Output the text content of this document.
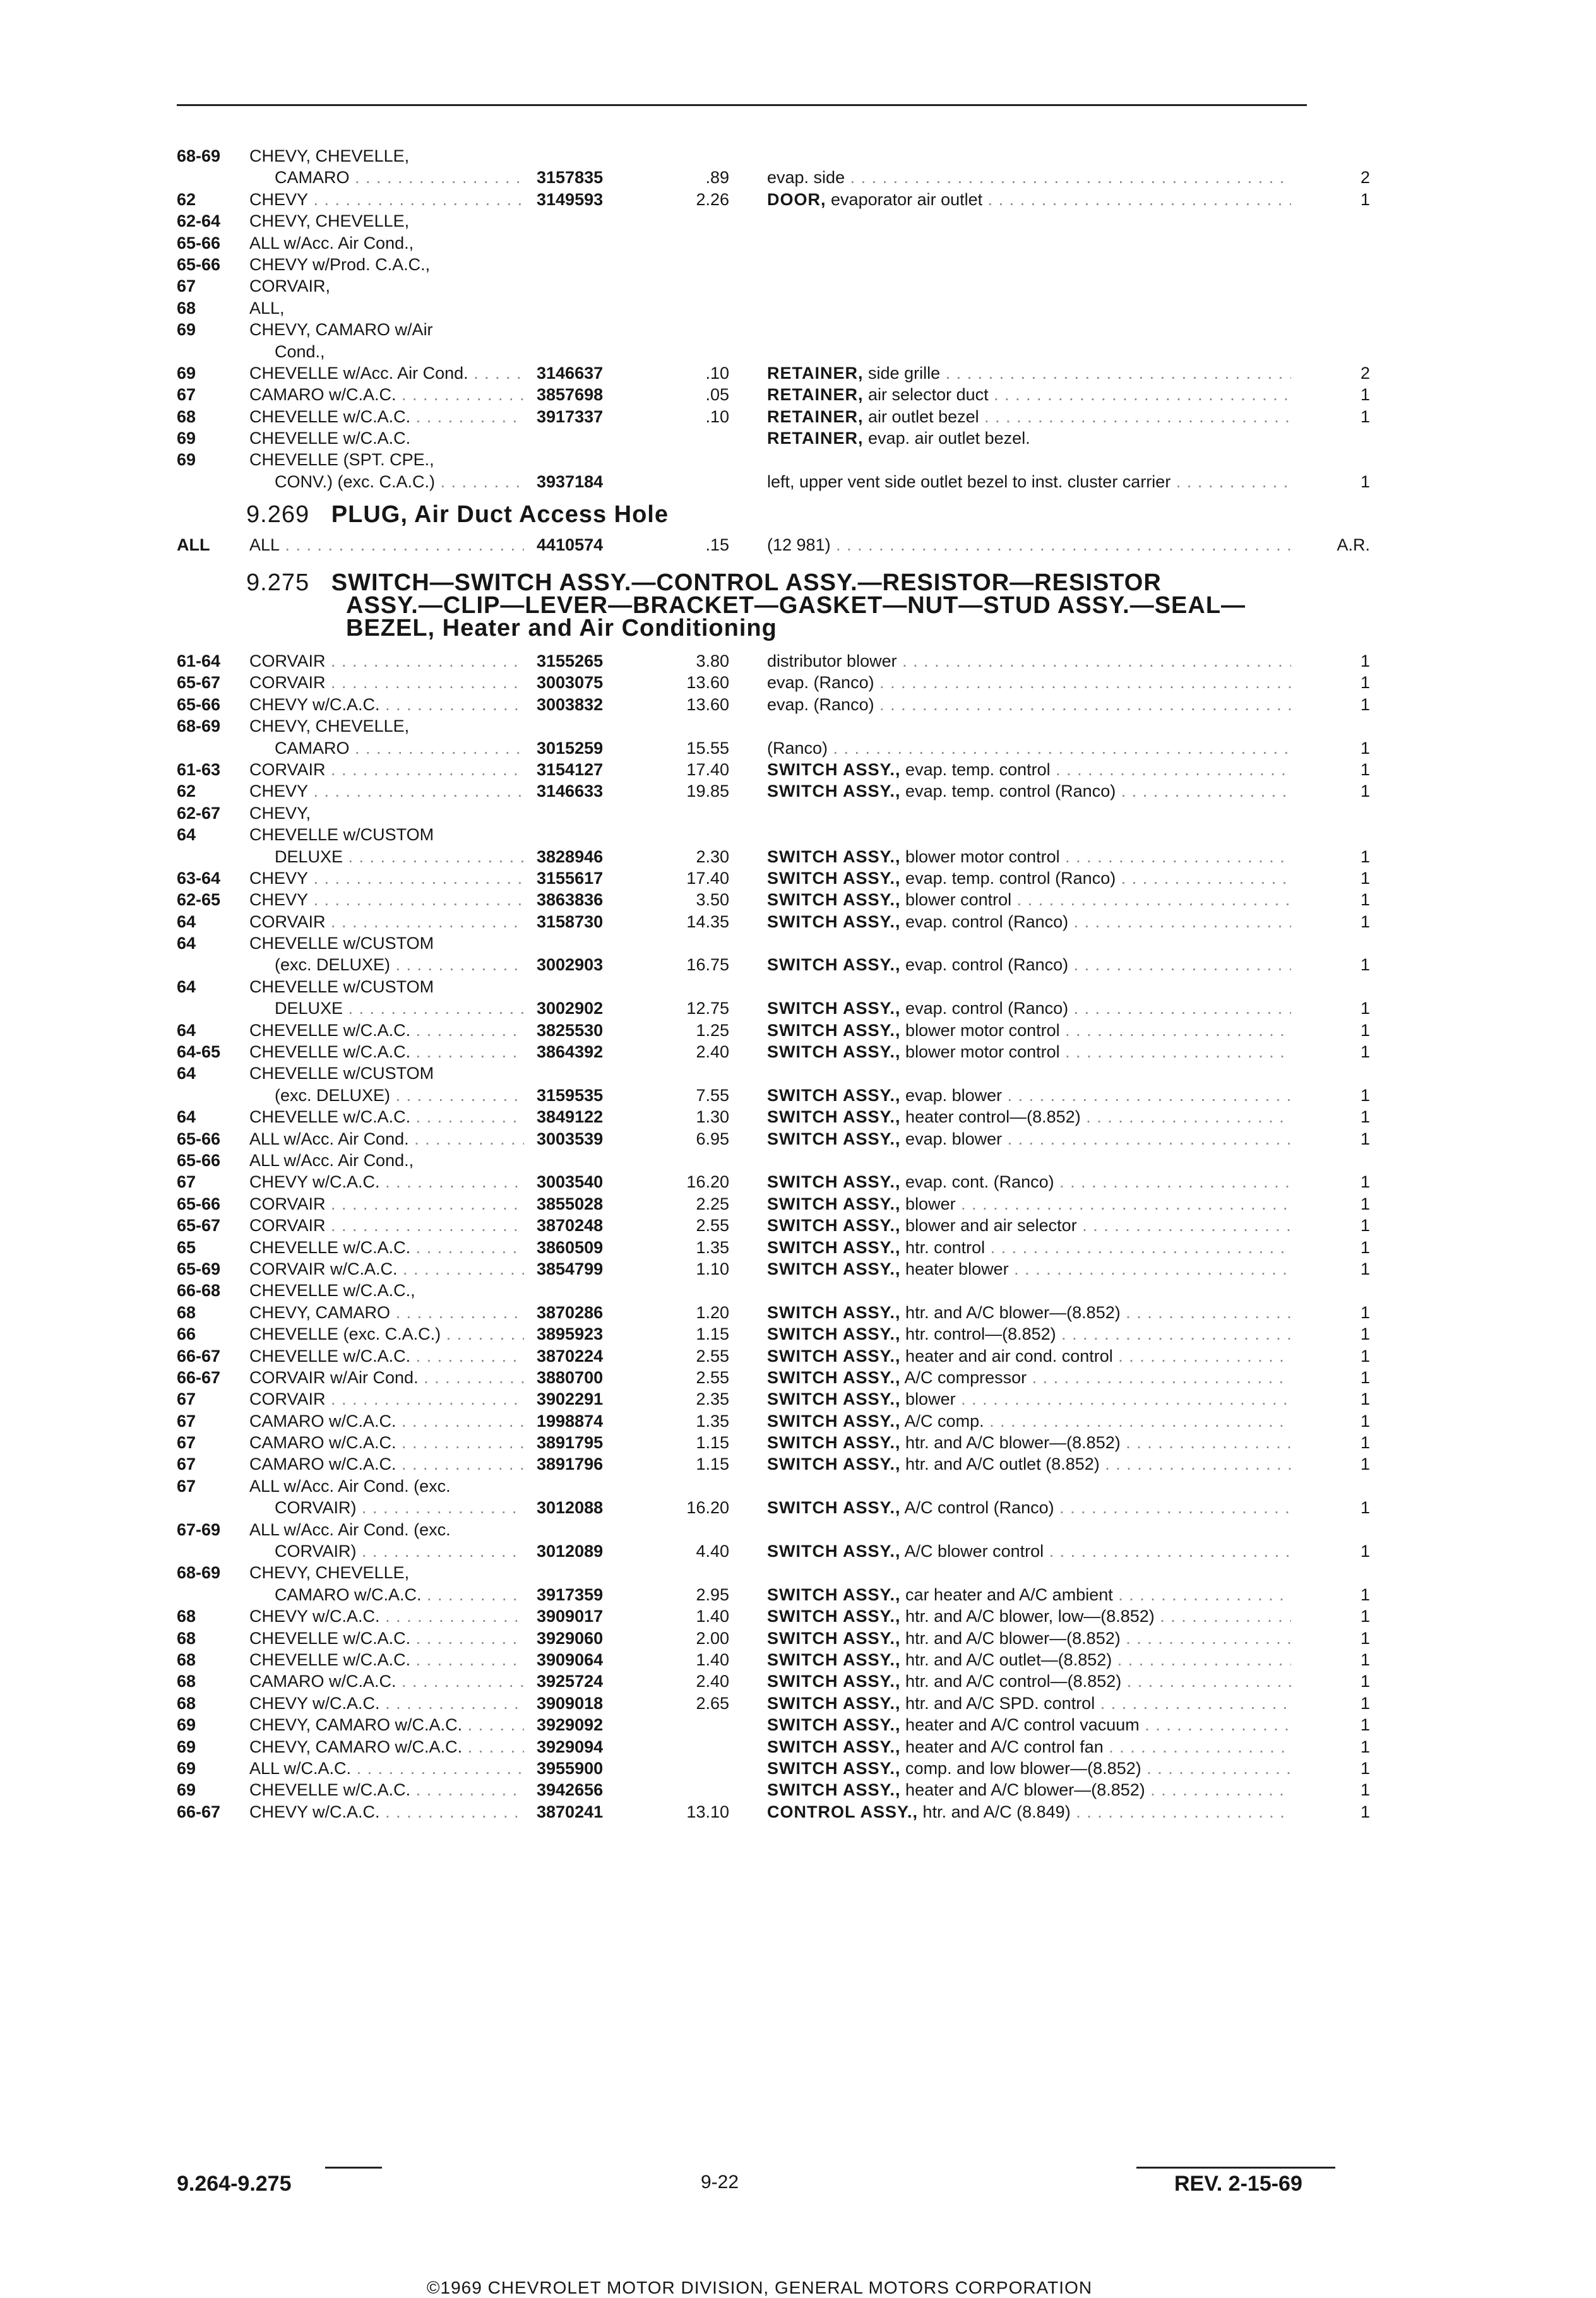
68-69	CHEVY, CHEVELLE,
CAMARO . . .	3157835	.89 evap. side . . .	2
62	CHEVY . . .	3149593	2.26 DOOR, evaporator air outlet . . .	1
62-64	CHEVY, CHEVELLE,
65-66	ALL w/Acc. Air Cond.,
65-66	CHEVY w/Prod. C.A.C.,
67	CORVAIR,
68	ALL,
69	CHEVY, CAMARO w/Air
Cond.,
69	CHEVELLE w/Acc. Air Cond. . . .	3146637	.10 RETAINER, side grille . . .	2
67	CAMARO w/C.A.C. . . .	3857698	.05 RETAINER, air selector duct . . .	1
68	CHEVELLE w/C.A.C. . . .	3917337	.10 RETAINER, air outlet bezel . . .	1
69	CHEVELLE w/C.A.C.	RETAINER, evap. air outlet bezel.
69	CHEVELLE (SPT. CPE.,
CONV.) (exc. C.A.C.) . . .	3937184	left, upper vent side outlet bezel to inst. cluster carrier . . .	1
9.269 PLUG, Air Duct Access Hole
ALL	ALL . . .	4410574	.15 (12 981) . . .	A.R.
9.275 SWITCH—SWITCH ASSY.—CONTROL ASSY.—RESISTOR—RESISTOR
ASSY.—CLIP—LEVER—BRACKET—GASKET—NUT—STUD ASSY.—SEAL—
BEZEL, Heater and Air Conditioning
61-64	CORVAIR . . .	3155265	3.80 distributor blower . . .	1
65-67	CORVAIR . . .	3003075	13.60 evap. (Ranco) . . .	1
65-66	CHEVY w/C.A.C. . . .	3003832	13.60 evap. (Ranco) . . .	1
68-69	CHEVY, CHEVELLE,
CAMARO . . .	3015259	15.55 (Ranco) . . .	1
61-63	CORVAIR . . .	3154127	17.40 SWITCH ASSY., evap. temp. control . . .	1
62	CHEVY . . .	3146633	19.85 SWITCH ASSY., evap. temp. control (Ranco) . . .	1
62-67	CHEVY,
64	CHEVELLE w/CUSTOM
DELUXE . . .	3828946	2.30 SWITCH ASSY., blower motor control . . .	1
63-64	CHEVY . . .	3155617	17.40 SWITCH ASSY., evap. temp. control (Ranco) . . .	1
62-65	CHEVY . . .	3863836	3.50 SWITCH ASSY., blower control . . .	1
64	CORVAIR . . .	3158730	14.35 SWITCH ASSY., evap. control (Ranco) . . .	1
64	CHEVELLE w/CUSTOM
(exc. DELUXE) . . .	3002903	16.75 SWITCH ASSY., evap. control (Ranco) . . .	1
64	CHEVELLE w/CUSTOM
DELUXE . . .	3002902	12.75 SWITCH ASSY., evap. control (Ranco) . . .	1
64	CHEVELLE w/C.A.C. . . .	3825530	1.25 SWITCH ASSY., blower motor control . . .	1
64-65	CHEVELLE w/C.A.C. . . .	3864392	2.40 SWITCH ASSY., blower motor control . . .	1
64	CHEVELLE w/CUSTOM
(exc. DELUXE) . . .	3159535	7.55 SWITCH ASSY., evap. blower . . .	1
64	CHEVELLE w/C.A.C. . . .	3849122	1.30 SWITCH ASSY., heater control—(8.852) . . .	1
65-66	ALL w/Acc. Air Cond. . . .	3003539	6.95 SWITCH ASSY., evap. blower . . .	1
65-66	ALL w/Acc. Air Cond.,
67	CHEVY w/C.A.C. . . .	3003540	16.20 SWITCH ASSY., evap. cont. (Ranco) . . .	1
65-66	CORVAIR . . .	3855028	2.25 SWITCH ASSY., blower . . .	1
65-67	CORVAIR . . .	3870248	2.55 SWITCH ASSY., blower and air selector . . .	1
65	CHEVELLE w/C.A.C. . . .	3860509	1.35 SWITCH ASSY., htr. control . . .	1
65-69	CORVAIR w/C.A.C. . . .	3854799	1.10 SWITCH ASSY., heater blower . . .	1
66-68	CHEVELLE w/C.A.C.,
68	CHEVY, CAMARO . . .	3870286	1.20 SWITCH ASSY., htr. and A/C blower—(8.852) . . .	1
66	CHEVELLE (exc. C.A.C.) . . .	3895923	1.15 SWITCH ASSY., htr. control—(8.852) . . .	1
66-67	CHEVELLE w/C.A.C. . . .	3870224	2.55 SWITCH ASSY., heater and air cond. control . . .	1
66-67	CORVAIR w/Air Cond. . . .	3880700	2.55 SWITCH ASSY., A/C compressor . . .	1
67	CORVAIR . . .	3902291	2.35 SWITCH ASSY., blower . . .	1
67	CAMARO w/C.A.C. . . .	1998874	1.35 SWITCH ASSY., A/C comp. . . .	1
67	CAMARO w/C.A.C. . . .	3891795	1.15 SWITCH ASSY., htr. and A/C blower—(8.852) . . .	1
67	CAMARO w/C.A.C. . . .	3891796	1.15 SWITCH ASSY., htr. and A/C outlet (8.852) . . .	1
67	ALL w/Acc. Air Cond. (exc.
CORVAIR) . . .	3012088	16.20 SWITCH ASSY., A/C control (Ranco) . . .	1
67-69	ALL w/Acc. Air Cond. (exc.
CORVAIR) . . .	3012089	4.40 SWITCH ASSY., A/C blower control . . .	1
68-69	CHEVY, CHEVELLE,
CAMARO w/C.A.C. . . .	3917359	2.95 SWITCH ASSY., car heater and A/C ambient . . .	1
68	CHEVY w/C.A.C. . . .	3909017	1.40 SWITCH ASSY., htr. and A/C blower, low—(8.852) . . .	1
68	CHEVELLE w/C.A.C. . . .	3929060	2.00 SWITCH ASSY., htr. and A/C blower—(8.852) . . .	1
68	CHEVELLE w/C.A.C. . . .	3909064	1.40 SWITCH ASSY., htr. and A/C outlet—(8.852) . . .	1
68	CAMARO w/C.A.C. . . .	3925724	2.40 SWITCH ASSY., htr. and A/C control—(8.852) . . .	1
68	CHEVY w/C.A.C. . . .	3909018	2.65 SWITCH ASSY., htr. and A/C SPD. control . . .	1
69	CHEVY, CAMARO w/C.A.C. . . .	3929092	SWITCH ASSY., heater and A/C control vacuum . . .	1
69	CHEVY, CAMARO w/C.A.C. . . .	3929094	SWITCH ASSY., heater and A/C control fan . . .	1
69	ALL w/C.A.C. . . .	3955900	SWITCH ASSY., comp. and low blower—(8.852) . . .	1
69	CHEVELLE w/C.A.C. . . .	3942656	SWITCH ASSY., heater and A/C blower—(8.852) . . .	1
66-67	CHEVY w/C.A.C. . . .	3870241	13.10 CONTROL ASSY., htr. and A/C (8.849) . . .	1
©1969 CHEVROLET MOTOR DIVISION, GENERAL MOTORS CORPORATION
9.264-9.275	9-22	REV. 2-15-69
